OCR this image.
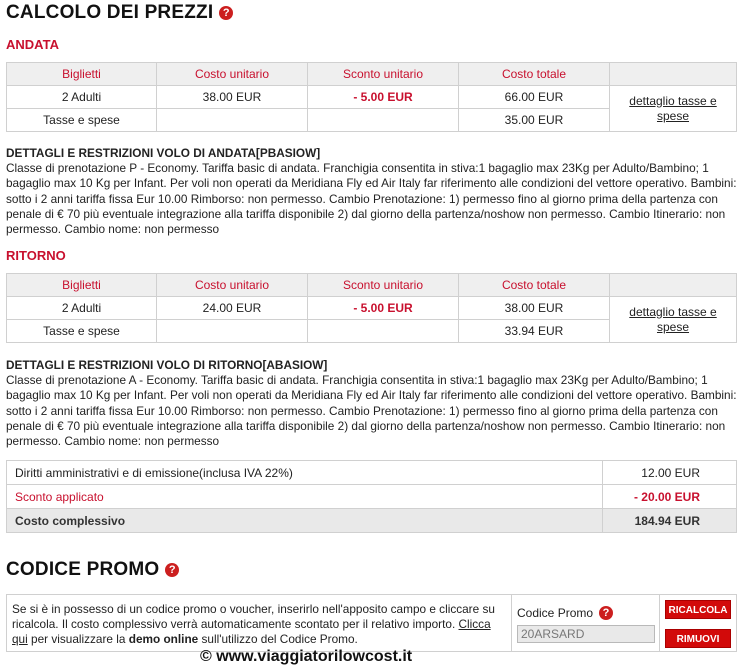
CALCOLO DEI PREZZI ?
ANDATA
Biglietti	Costo unitario	Sconto unitario	Costo totale	
2 Adulti	38.00 EUR	- 5.00 EUR	66.00 EUR	dettaglio tasse e spese
Tasse e spese			35.00 EUR	
DETTAGLI E RESTRIZIONI VOLO DI ANDATA[PBASIOW]
Classe di prenotazione P - Economy. Tariffa basic di andata. Franchigia consentita in stiva:1 bagaglio max 23Kg per Adulto/Bambino; 1 bagaglio max 10 Kg per Infant. Per voli non operati da Meridiana Fly ed Air Italy far riferimento alle condizioni del vettore operativo. Bambini: sotto i 2 anni tariffa fissa Eur 10.00 Rimborso: non permesso. Cambio Prenotazione: 1) permesso fino al giorno prima della partenza con penale di € 70 più eventuale integrazione alla tariffa disponibile 2) dal giorno della partenza/noshow non permesso. Cambio Itinerario: non permesso. Cambio nome: non permesso
RITORNO
Biglietti	Costo unitario	Sconto unitario	Costo totale	
2 Adulti	24.00 EUR	- 5.00 EUR	38.00 EUR	dettaglio tasse e spese
Tasse e spese			33.94 EUR	
DETTAGLI E RESTRIZIONI VOLO DI RITORNO[ABASIOW]
Classe di prenotazione A - Economy. Tariffa basic di andata. Franchigia consentita in stiva:1 bagaglio max 23Kg per Adulto/Bambino; 1 bagaglio max 10 Kg per Infant. Per voli non operati da Meridiana Fly ed Air Italy far riferimento alle condizioni del vettore operativo. Bambini: sotto i 2 anni tariffa fissa Eur 10.00 Rimborso: non permesso. Cambio Prenotazione: 1) permesso fino al giorno prima della partenza con penale di € 70 più eventuale integrazione alla tariffa disponibile 2) dal giorno della partenza/noshow non permesso. Cambio Itinerario: non permesso. Cambio nome: non permesso
Diritti amministrativi e di emissione(inclusa IVA 22%)	12.00 EUR
Sconto applicato	- 20.00 EUR
Costo complessivo	184.94 EUR
CODICE PROMO ?
Se si è in possesso di un codice promo o voucher, inserirlo nell'apposito campo e cliccare su ricalcola. Il costo complessivo verrà automaticamente scontato per il relativo importo. Clicca qui per visualizzare la demo online sull'utilizzo del Codice Promo.
Codice Promo ?
20ARSARD	RICALCOLA
RIMUOVI
© www.viaggiatorilowcost.it
